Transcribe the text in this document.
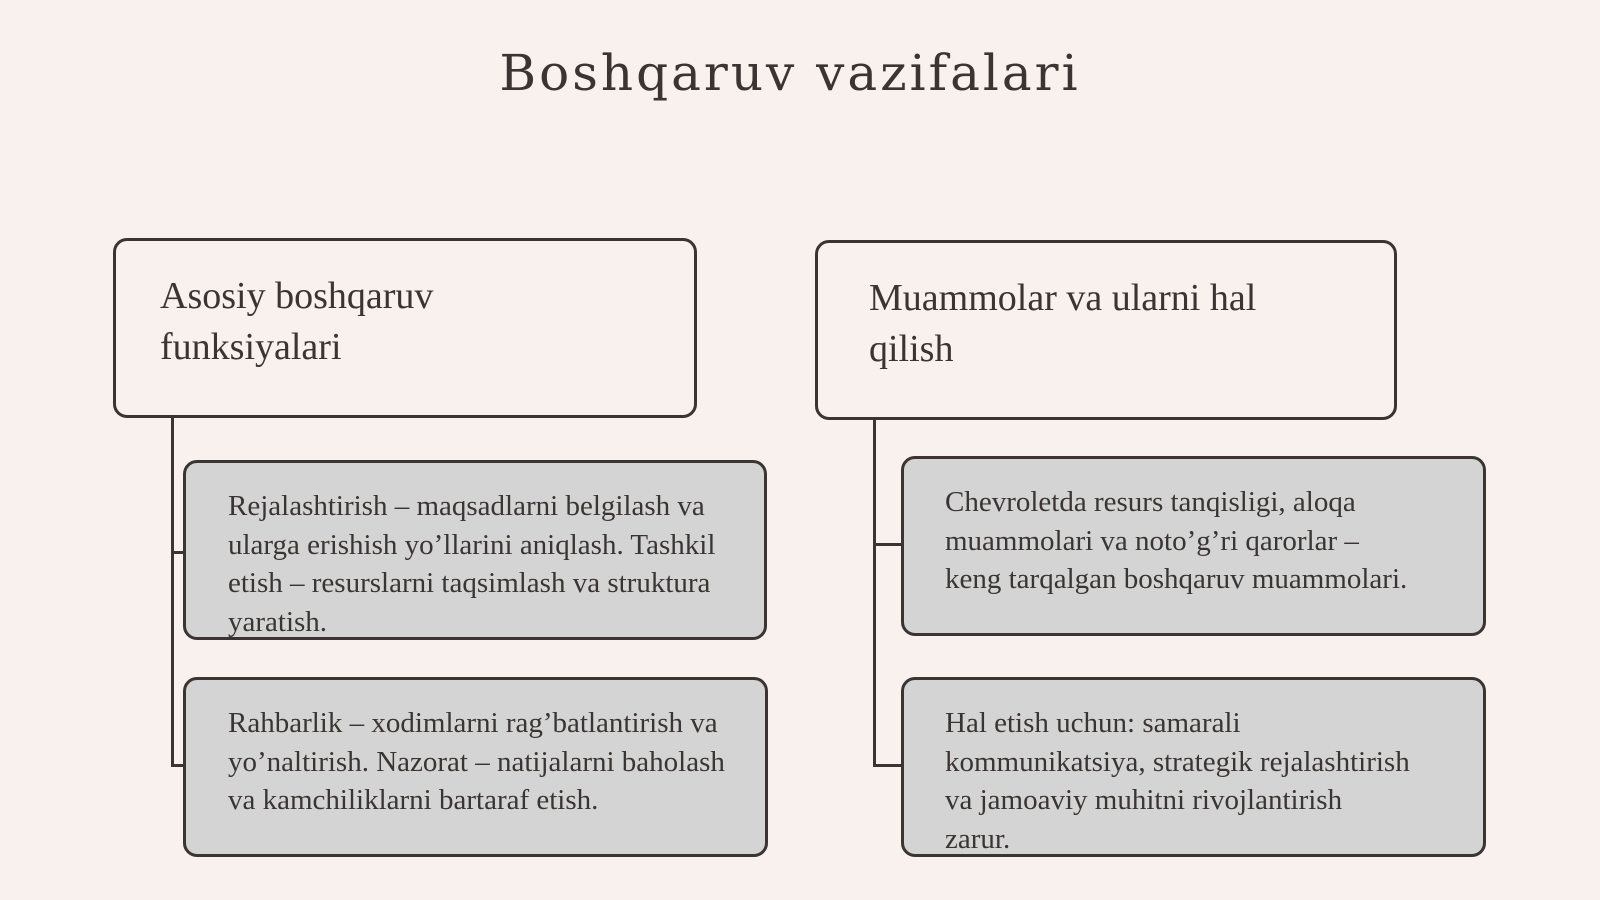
Boshqaruv vazifalari
Asosiy boshqaruv funksiyalari
Rejalashtirish – maqsadlarni belgilash va ularga erishish yo’llarini aniqlash. Tashkil etish – resurslarni taqsimlash va struktura yaratish.
Rahbarlik – xodimlarni rag’batlantirish va yo’naltirish. Nazorat – natijalarni baholash va kamchiliklarni bartaraf etish.
Muammolar va ularni hal qilish
Chevroletda resurs tanqisligi, aloqa muammolari va noto’g’ri qarorlar – keng tarqalgan boshqaruv muammolari.
Hal etish uchun: samarali kommunikatsiya, strategik rejalashtirish va jamoaviy muhitni rivojlantirish zarur.
